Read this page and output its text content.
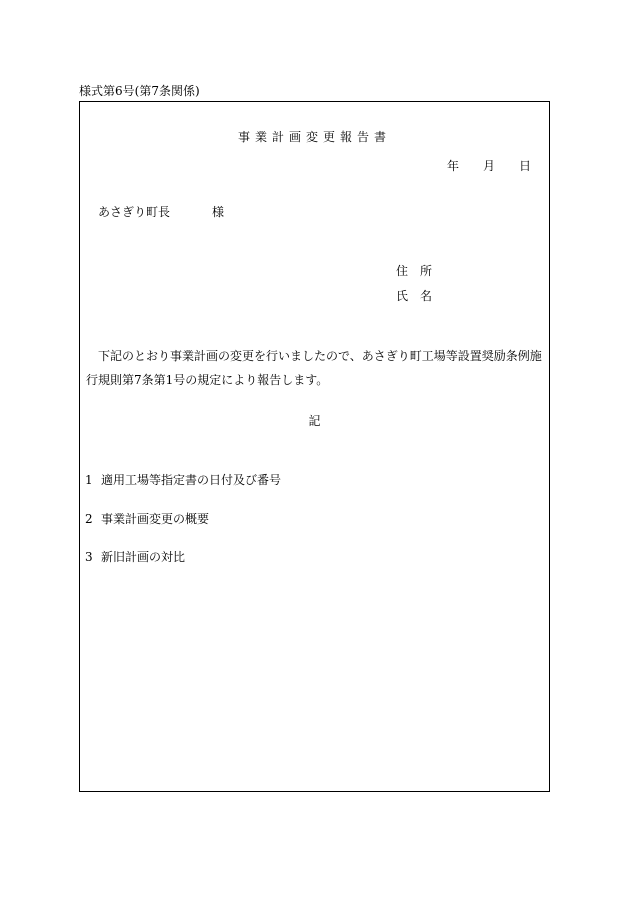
様式第6号(第7条関係)
事業計画変更報告書
年 月 日
あさぎり町長	様
住　所
氏　名
下記のとおり事業計画の変更を行いましたので、あさぎり町工場等設置奨励条例施行規則第7条第1号の規定により報告します。
記
1 適用工場等指定書の日付及び番号
2 事業計画変更の概要
3 新旧計画の対比
